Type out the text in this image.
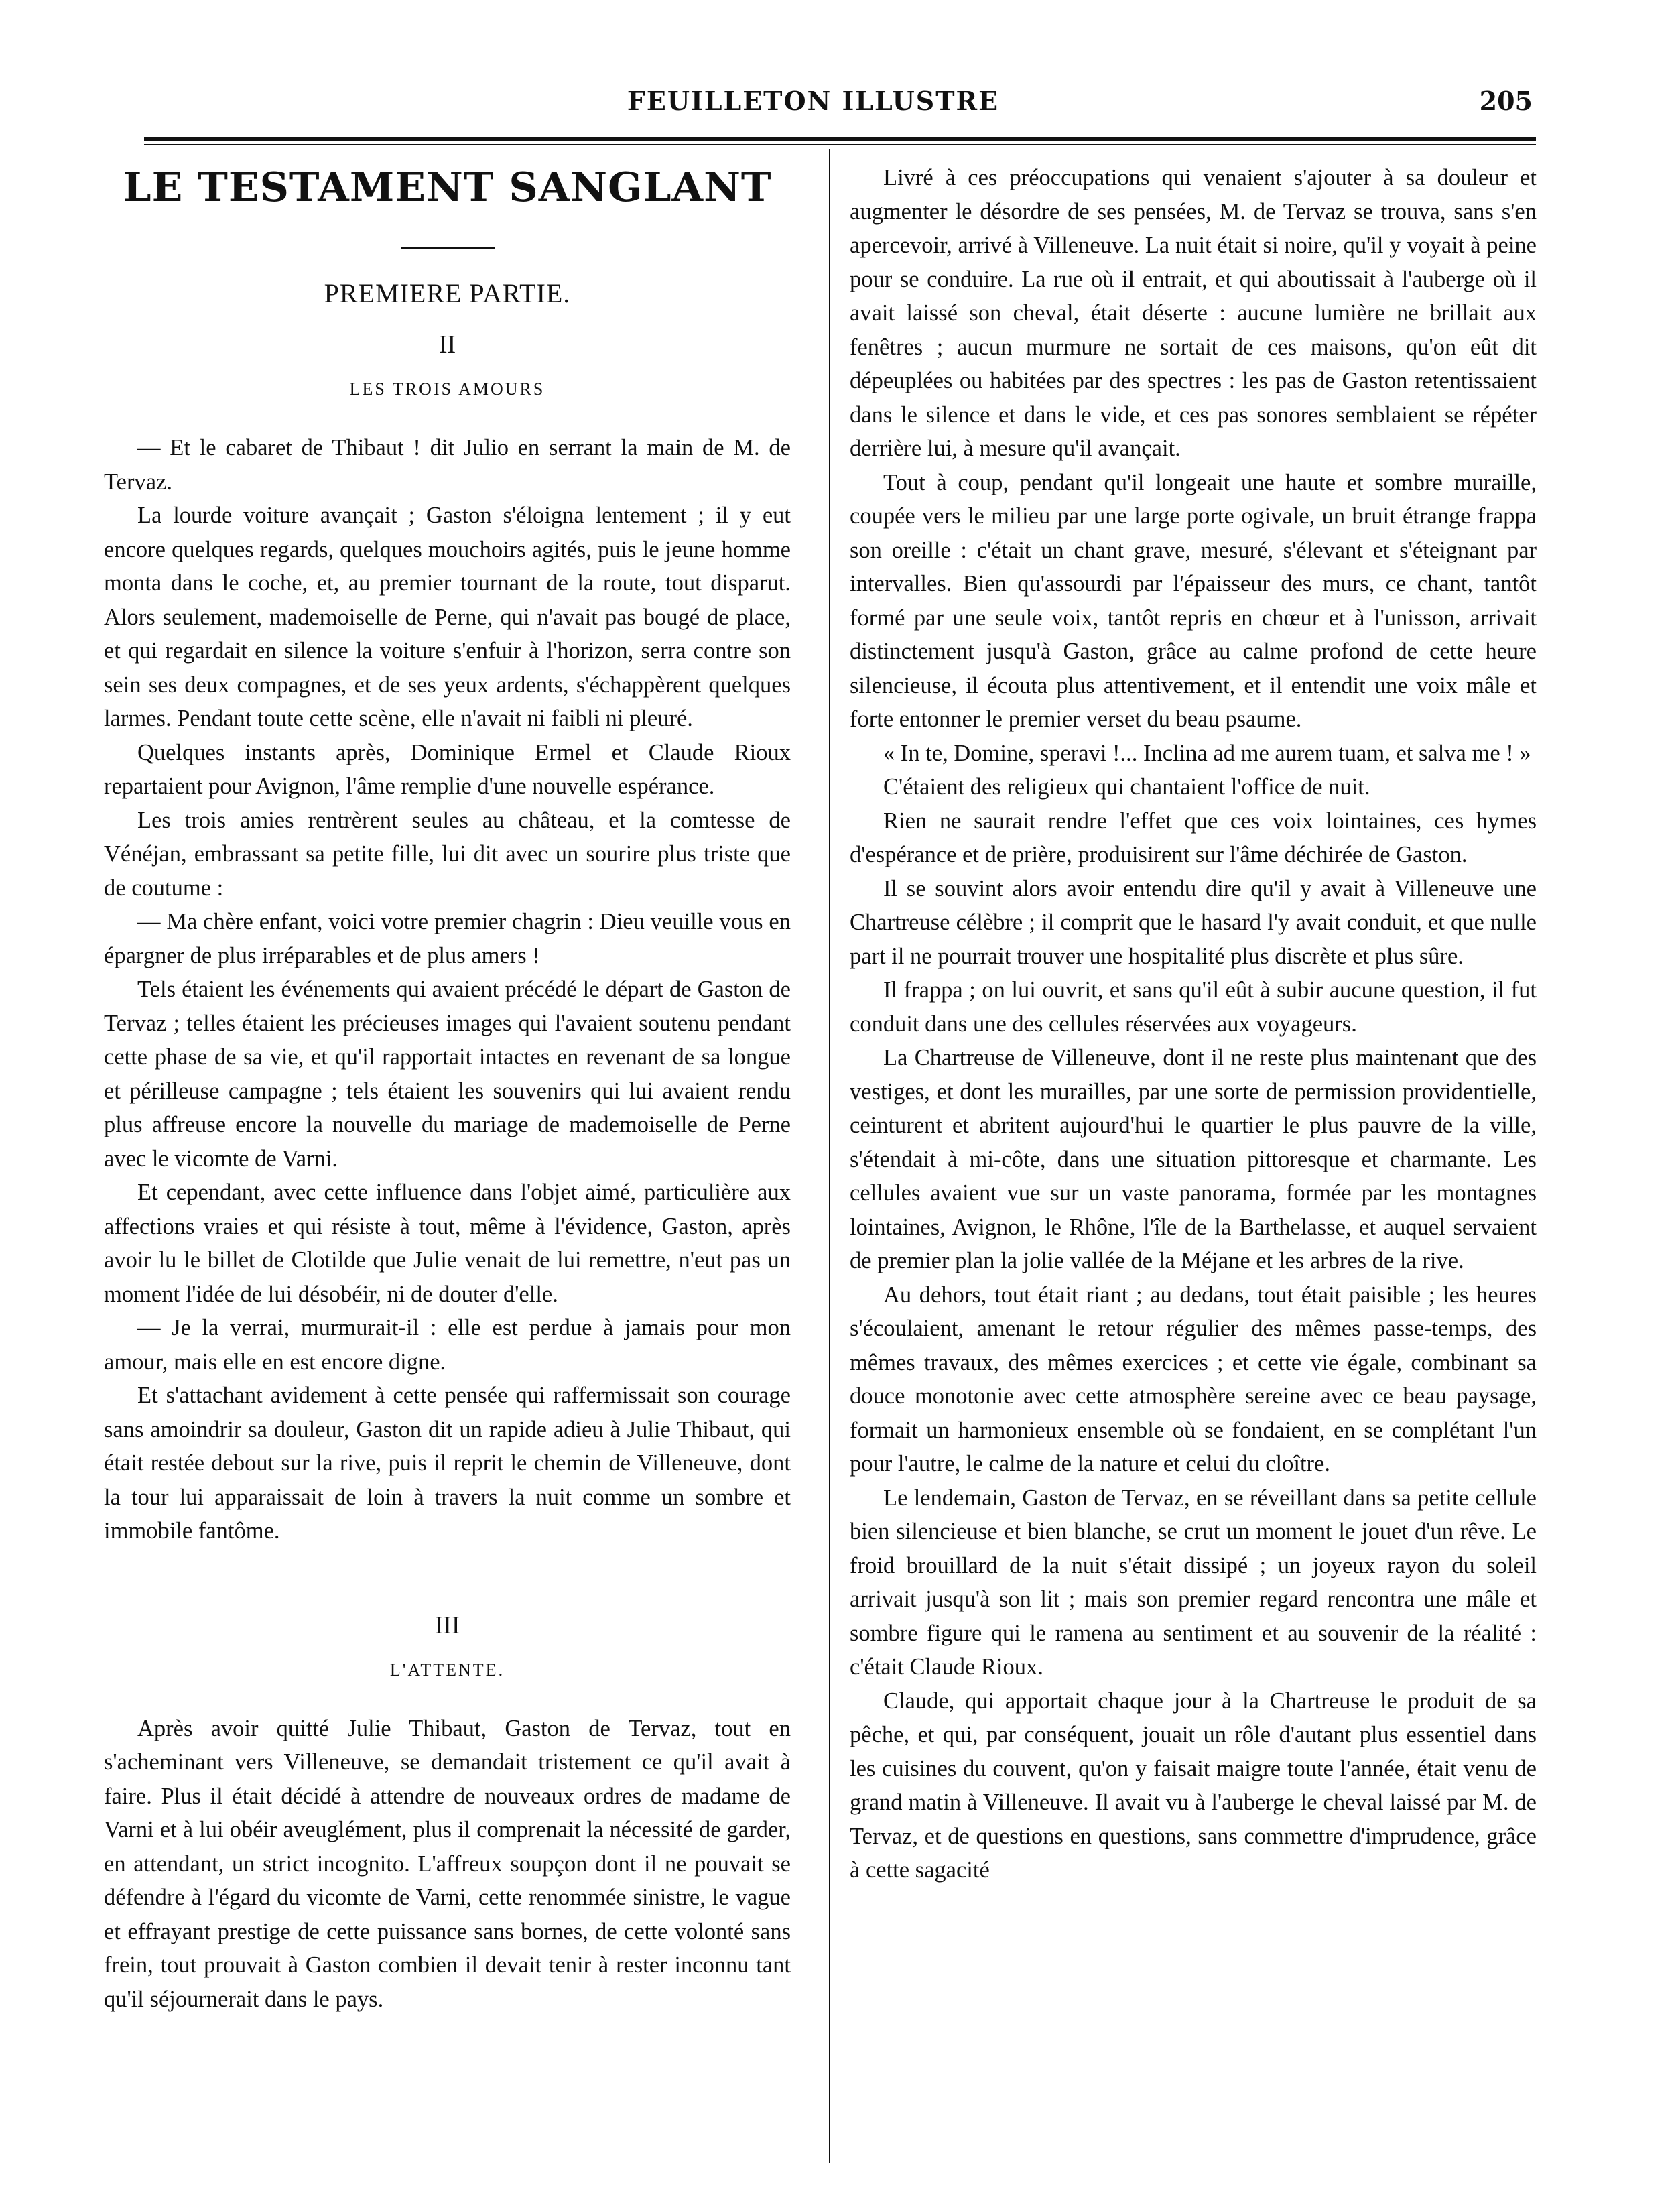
FEUILLETON ILLUSTRE	205
LE TESTAMENT SANGLANT
PREMIERE PARTIE.
II
LES TROIS AMOURS

— Et le cabaret de Thibaut ! dit Julio en serrant la main de M. de Tervaz.

La lourde voiture avançait ; Gaston s'éloigna lentement ; il y eut encore quelques regards, quelques mouchoirs agités, puis le jeune homme monta dans le coche, et, au premier tournant de la route, tout disparut. Alors seulement, mademoiselle de Perne, qui n'avait pas bougé de place, et qui regardait en silence la voiture s'enfuir à l'horizon, serra contre son sein ses deux compagnes, et de ses yeux ardents, s'échappèrent quelques larmes. Pendant toute cette scène, elle n'avait ni faibli ni pleuré.

Quelques instants après, Dominique Ermel et Claude Rioux repartaient pour Avignon, l'âme remplie d'une nouvelle espérance.

Les trois amies rentrèrent seules au château, et la comtesse de Vénéjan, embrassant sa petite fille, lui dit avec un sourire plus triste que de coutume :

— Ma chère enfant, voici votre premier chagrin : Dieu veuille vous en épargner de plus irréparables et de plus amers !

Tels étaient les événements qui avaient précédé le départ de Gaston de Tervaz ; telles étaient les précieuses images qui l'avaient soutenu pendant cette phase de sa vie, et qu'il rapportait intactes en revenant de sa longue et périlleuse campagne ; tels étaient les souvenirs qui lui avaient rendu plus affreuse encore la nouvelle du mariage de mademoiselle de Perne avec le vicomte de Varni.

Et cependant, avec cette influence dans l'objet aimé, particulière aux affections vraies et qui résiste à tout, même à l'évidence, Gaston, après avoir lu le billet de Clotilde que Julie venait de lui remettre, n'eut pas un moment l'idée de lui désobéir, ni de douter d'elle.

— Je la verrai, murmurait-il : elle est perdue à jamais pour mon amour, mais elle en est encore digne.

Et s'attachant avidement à cette pensée qui raffermissait son courage sans amoindrir sa douleur, Gaston dit un rapide adieu à Julie Thibaut, qui était restée debout sur la rive, puis il reprit le chemin de Villeneuve, dont la tour lui apparaissait de loin à travers la nuit comme un sombre et immobile fantôme.

III
L'ATTENTE.

Après avoir quitté Julie Thibaut, Gaston de Tervaz, tout en s'acheminant vers Villeneuve, se demandait tristement ce qu'il avait à faire. Plus il était décidé à attendre de nouveaux ordres de madame de Varni et à lui obéir aveuglément, plus il comprenait la nécessité de garder, en attendant, un strict incognito. L'affreux soupçon dont il ne pouvait se défendre à l'égard du vicomte de Varni, cette renommée sinistre, le vague et effrayant prestige de cette puissance sans bornes, de cette volonté sans frein, tout prouvait à Gaston combien il devait tenir à rester inconnu tant qu'il séjournerait dans le pays.

Livré à ces préoccupations qui venaient s'ajouter à sa douleur et augmenter le désordre de ses pensées, M. de Tervaz se trouva, sans s'en apercevoir, arrivé à Villeneuve. La nuit était si noire, qu'il y voyait à peine pour se conduire. La rue où il entrait, et qui aboutissait à l'auberge où il avait laissé son cheval, était déserte : aucune lumière ne brillait aux fenêtres ; aucun murmure ne sortait de ces maisons, qu'on eût dit dépeuplées ou habitées par des spectres : les pas de Gaston retentissaient dans le silence et dans le vide, et ces pas sonores semblaient se répéter derrière lui, à mesure qu'il avançait.

Tout à coup, pendant qu'il longeait une haute et sombre muraille, coupée vers le milieu par une large porte ogivale, un bruit étrange frappa son oreille : c'était un chant grave, mesuré, s'élevant et s'éteignant par intervalles. Bien qu'assourdi par l'épaisseur des murs, ce chant, tantôt formé par une seule voix, tantôt repris en chœur et à l'unisson, arrivait distinctement jusqu'à Gaston, grâce au calme profond de cette heure silencieuse, il écouta plus attentivement, et il entendit une voix mâle et forte entonner le premier verset du beau psaume.

« In te, Domine, speravi !... Inclina ad me aurem tuam, et salva me ! »

C'étaient des religieux qui chantaient l'office de nuit.

Rien ne saurait rendre l'effet que ces voix lointaines, ces hymes d'espérance et de prière, produisirent sur l'âme déchirée de Gaston.

Il se souvint alors avoir entendu dire qu'il y avait à Villeneuve une Chartreuse célèbre ; il comprit que le hasard l'y avait conduit, et que nulle part il ne pourrait trouver une hospitalité plus discrète et plus sûre.

Il frappa ; on lui ouvrit, et sans qu'il eût à subir aucune question, il fut conduit dans une des cellules réservées aux voyageurs.

La Chartreuse de Villeneuve, dont il ne reste plus maintenant que des vestiges, et dont les murailles, par une sorte de permission providentielle, ceinturent et abritent aujourd'hui le quartier le plus pauvre de la ville, s'étendait à mi-côte, dans une situation pittoresque et charmante. Les cellules avaient vue sur un vaste panorama, formée par les montagnes lointaines, Avignon, le Rhône, l'île de la Barthelasse, et auquel servaient de premier plan la jolie vallée de la Méjane et les arbres de la rive.

Au dehors, tout était riant ; au dedans, tout était paisible ; les heures s'écoulaient, amenant le retour régulier des mêmes passe-temps, des mêmes travaux, des mêmes exercices ; et cette vie égale, combinant sa douce monotonie avec cette atmosphère sereine avec ce beau paysage, formait un harmonieux ensemble où se fondaient, en se complétant l'un pour l'autre, le calme de la nature et celui du cloître.

Le lendemain, Gaston de Tervaz, en se réveillant dans sa petite cellule bien silencieuse et bien blanche, se crut un moment le jouet d'un rêve. Le froid brouillard de la nuit s'était dissipé ; un joyeux rayon du soleil arrivait jusqu'à son lit ; mais son premier regard rencontra une mâle et sombre figure qui le ramena au sentiment et au souvenir de la réalité : c'était Claude Rioux.

Claude, qui apportait chaque jour à la Chartreuse le produit de sa pêche, et qui, par conséquent, jouait un rôle d'autant plus essentiel dans les cuisines du couvent, qu'on y faisait maigre toute l'année, était venu de grand matin à Villeneuve. Il avait vu à l'auberge le cheval laissé par M. de Tervaz, et de questions en questions, sans commettre d'imprudence, grâce à cette sagacité
